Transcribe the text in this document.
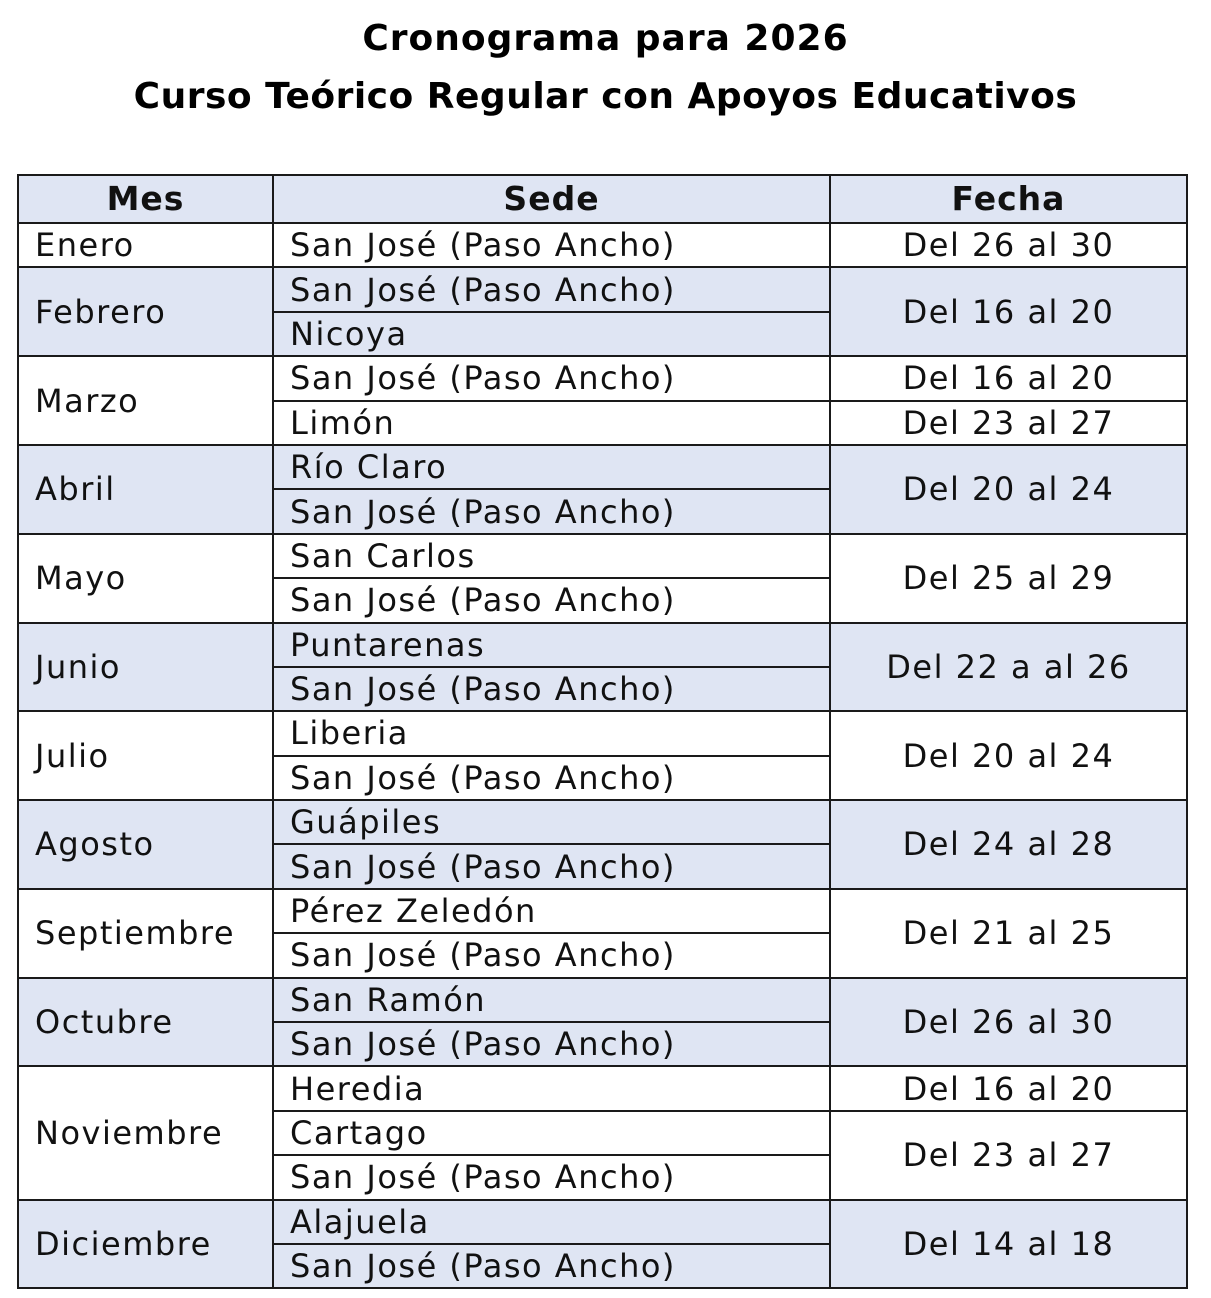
Cronograma para 2026
Curso Teórico Regular con Apoyos Educativos
Mes	Sede	Fecha
Enero	San José (Paso Ancho)	Del 26 al 30
Febrero	San José (Paso Ancho)	Del 16 al 20
	Nicoya	
Marzo	San José (Paso Ancho)	Del 16 al 20
	Limón	Del 23 al 27
Abril	Río Claro	Del 20 al 24
	San José (Paso Ancho)	
Mayo	San Carlos	Del 25 al 29
	San José (Paso Ancho)	
Junio	Puntarenas	Del 22 a al 26
	San José (Paso Ancho)	
Julio	Liberia	Del 20 al 24
	San José (Paso Ancho)	
Agosto	Guápiles	Del 24 al 28
	San José (Paso Ancho)	
Septiembre	Pérez Zeledón	Del 21 al 25
	San José (Paso Ancho)	
Octubre	San Ramón	Del 26 al 30
	San José (Paso Ancho)	
Noviembre	Heredia	Del 16 al 20
	Cartago	Del 23 al 27
	San José (Paso Ancho)	
Diciembre	Alajuela	Del 14 al 18
	San José (Paso Ancho)	
